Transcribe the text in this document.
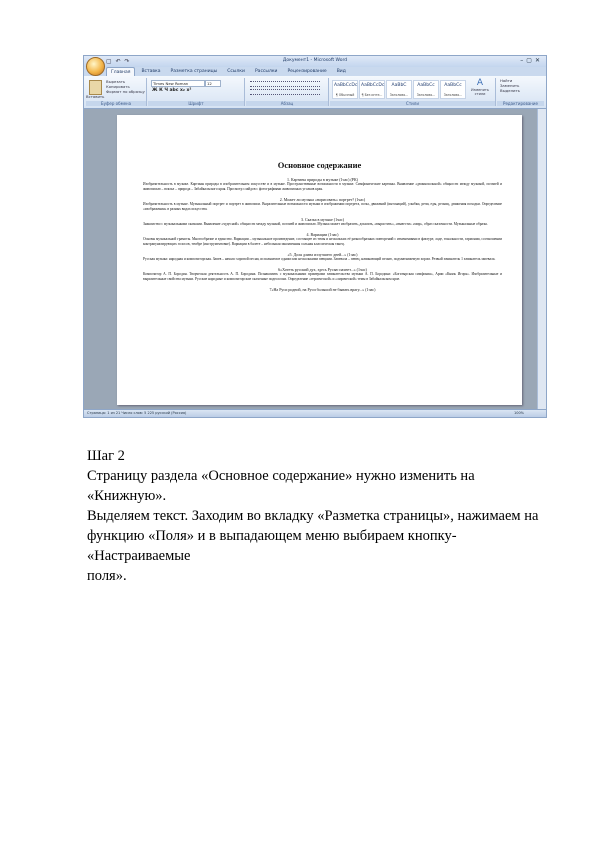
▢ ↶ ↷	Документ1 - Microsoft Word	–▢✕
Главная	Вставка	Разметка страницы	Ссылки	Рассылки	Рецензирование	Вид
Вставить
Вырезать
Копировать
Формат по образцу
Буфер обмена
Times New Roman	12
Ж К Ч abc x₂ x²
Шрифт	Абзац	Стили	Редактирование
AaBbCcDc
¶ Обычный
AaBbCcDc
¶ Без инте...
AaBbC
Заголово...
AaBbCc
Заголово...
AaBbCc
Заголово...
A
Изменить стили
Найти
Заменить
Выделить
Основное содержание

1. Картины природы в музыке (1час) (РК)

Изобразительность в музыке. Картины природы в изобразительном искусстве и в музыке. Пространственные возможности в музыке. Симфонические картины. Выявление «двоякохольной» общности между музыкой, поэзией и живописью – вокзал – природа – Забайкальского края. Просмотр слайдов с фотографиями живописных уголков края.

2. Может ли музыка «нарисовать» портрет? (1час)

Изобразительность в музыке. Музыкальный портрет и портрет в живописи. Выразительные возможности музыки в изображении портрета, позы, движений (интонаций), улыбки, речи, еды, ресниц, движения походки. Определение «изображения» в разных видах искусства.

3. Сказка в музыке (1час)

Знакомство с музыкальными сказками. Выявление «чудесной» общности между музыкой, поэзией и живописью. Музыка может изобразить, доказать, «вырастить», «вывести» «мир», образ сказочности. Музыкальные образы.

4. Вариации (1час)

Основы музыкальной грамоты. Многообразие и единство. Вариации – музыкальное произведение, состоящее из темы и нескольких её разнообразных повторений с изменениями в фактуре, ладе, тональности, гармонии, соотношении контрапунктирующих голосов, тембре (инструментовке). Вариации в балете – небольшая законченная сольная классическая танец.

«5. Доля длина излучшего дней...» (1час)

Русская музыка: народная и композиторская. Запев – начало хоровой песни, исполняемое одним или несколькими певцами. Запевала – певец, начинающий песню, подхватываемую хором. Резвый зачинатель 1 зачинатель запевала.

6«Хотеть русский дух, здесь Русью пахнет...» (1час)

Композитор А. П. Бородин. Творческая деятельность А. П. Бородина. Познакомить с музыкальными примерами зачинательства музыки А. П. Бородина: «Богатырская симфония», Арии «Князь Игоря». Изобразительные и выразительные свойства музыки. Русские народные и композиторские сказочные подголоски. Определение «героической» и «лирической» темы в Забайкальском крае.

7«На Руси родной, на Руси большой не бывать врагу...» (1час)

Страница: 1 из 21 Число слов: 5 225 русский (Россия)	100%

Шаг 2

Страницу раздела «Основное содержание» нужно изменить на «Книжную».

Выделяем текст. Заходим во вкладку «Разметка страницы», нажимаем на

функцию «Поля» и в выпадающем меню выбираем кнопку- «Настраиваемые

поля».
